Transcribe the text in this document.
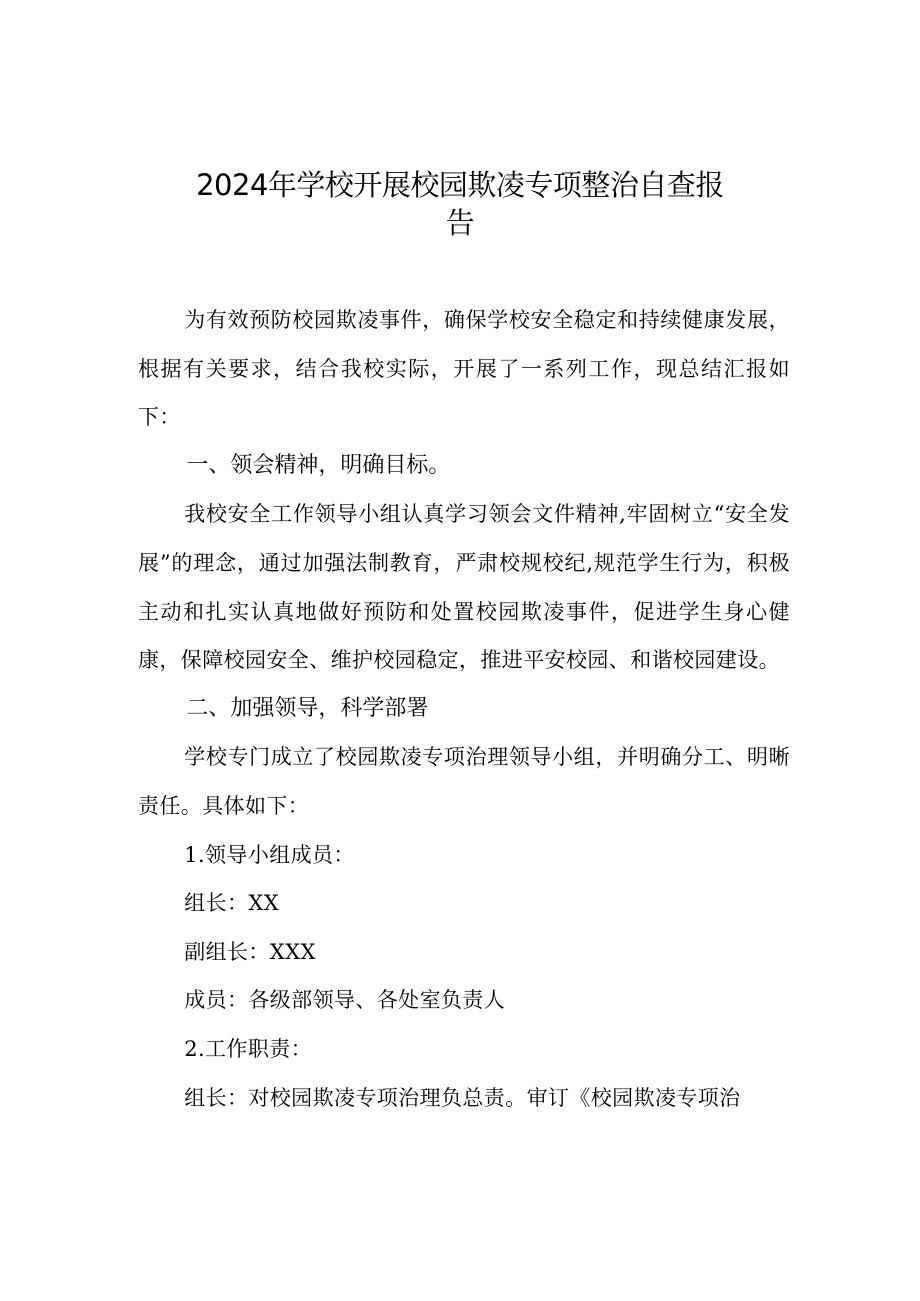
2024年学校开展校园欺凌专项整治自查报
告

为有效预防校园欺凌事件，确保学校安全稳定和持续健康发展，根据有关要求，结合我校实际，开展了一系列工作，现总结汇报如下：

一、领会精神，明确目标。

我校安全工作领导小组认真学习领会文件精神,牢固树立“安全发展”的理念，通过加强法制教育，严肃校规校纪,规范学生行为，积极主动和扎实认真地做好预防和处置校园欺凌事件，促进学生身心健康，保障校园安全、维护校园稳定，推进平安校园、和谐校园建设。

二、加强领导，科学部署

学校专门成立了校园欺凌专项治理领导小组，并明确分工、明晰责任。具体如下：

1.领导小组成员：

组长：XX

副组长：XXX

成员：各级部领导、各处室负责人

2.工作职责：

组长：对校园欺凌专项治理负总责。审订《校园欺凌专项治
